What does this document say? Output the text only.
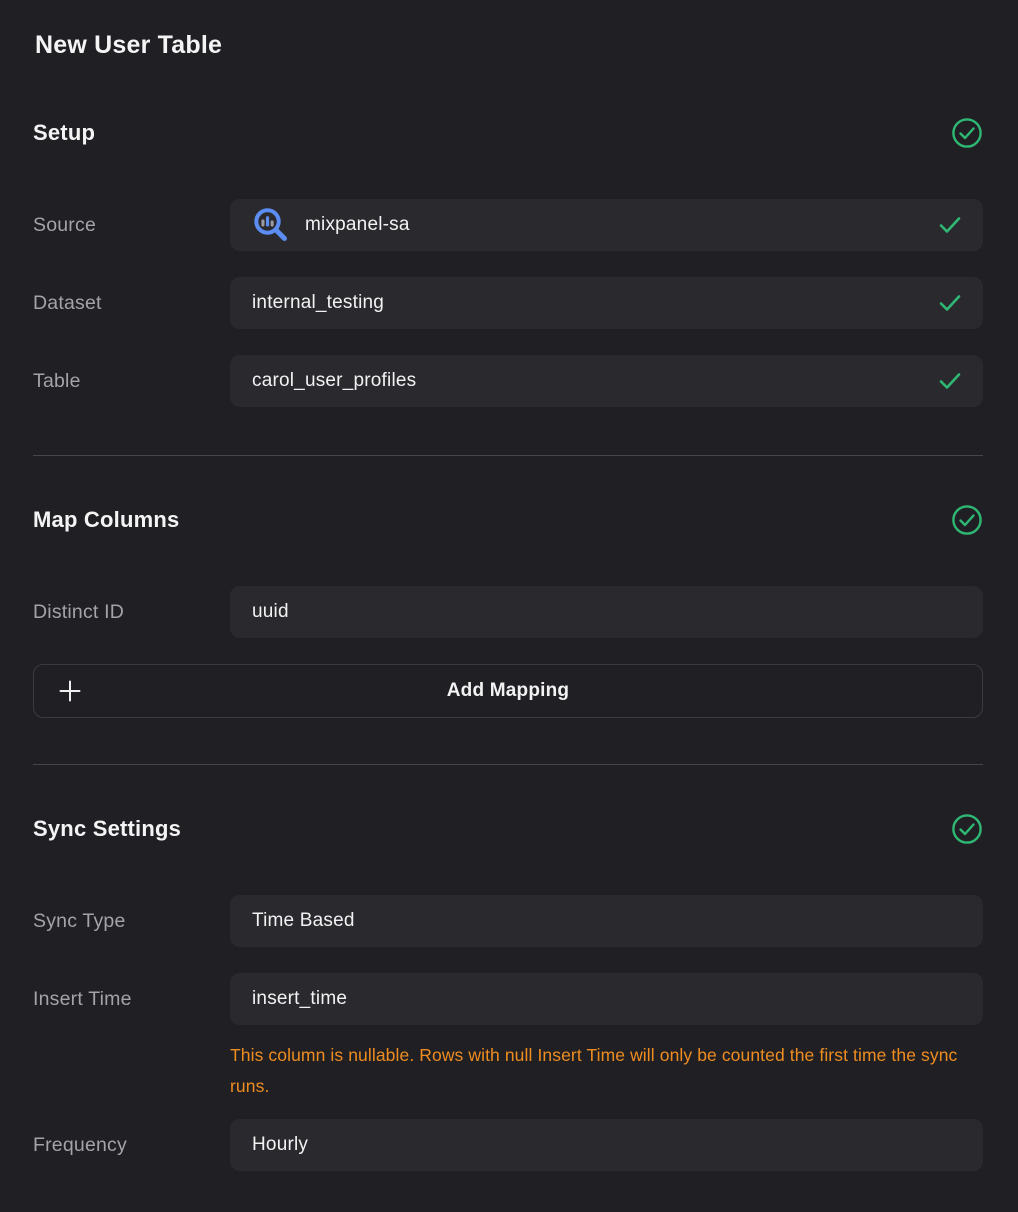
New User Table
Setup
Source	mixpanel-sa
Dataset	internal_testing
Table	carol_user_profiles
Map Columns
Distinct ID	uuid
Add Mapping
Sync Settings
Sync Type	Time Based
Insert Time	insert_time
This column is nullable. Rows with null Insert Time will only be counted the first time the sync runs.
Frequency	Hourly
